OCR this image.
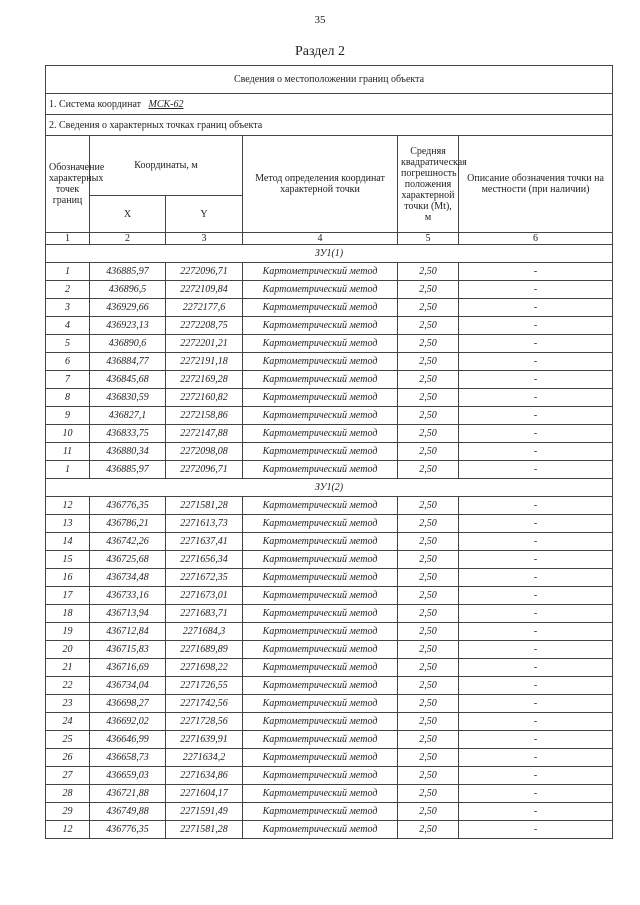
35
Раздел 2
Сведения о местоположении границ объекта					
1. Система координат МСК-62					
2. Сведения о характерных точках границ объекта					
Обозначение характерных точек границ	Координаты, м		Метод определения координат характерной точки	Средняя квадратическая погрешность положения характерной точки (Mt), м	Описание обозначения точки на местности (при наличии)
	X	Y			
1	2	3	4	5	6
ЗУ1(1)					
1	436885,97	2272096,71	Картометрический метод	2,50	-
2	436896,5	2272109,84	Картометрический метод	2,50	-
3	436929,66	2272177,6	Картометрический метод	2,50	-
4	436923,13	2272208,75	Картометрический метод	2,50	-
5	436890,6	2272201,21	Картометрический метод	2,50	-
6	436884,77	2272191,18	Картометрический метод	2,50	-
7	436845,68	2272169,28	Картометрический метод	2,50	-
8	436830,59	2272160,82	Картометрический метод	2,50	-
9	436827,1	2272158,86	Картометрический метод	2,50	-
10	436833,75	2272147,88	Картометрический метод	2,50	-
11	436880,34	2272098,08	Картометрический метод	2,50	-
1	436885,97	2272096,71	Картометрический метод	2,50	-
ЗУ1(2)					
12	436776,35	2271581,28	Картометрический метод	2,50	-
13	436786,21	2271613,73	Картометрический метод	2,50	-
14	436742,26	2271637,41	Картометрический метод	2,50	-
15	436725,68	2271656,34	Картометрический метод	2,50	-
16	436734,48	2271672,35	Картометрический метод	2,50	-
17	436733,16	2271673,01	Картометрический метод	2,50	-
18	436713,94	2271683,71	Картометрический метод	2,50	-
19	436712,84	2271684,3	Картометрический метод	2,50	-
20	436715,83	2271689,89	Картометрический метод	2,50	-
21	436716,69	2271698,22	Картометрический метод	2,50	-
22	436734,04	2271726,55	Картометрический метод	2,50	-
23	436698,27	2271742,56	Картометрический метод	2,50	-
24	436692,02	2271728,56	Картометрический метод	2,50	-
25	436646,99	2271639,91	Картометрический метод	2,50	-
26	436658,73	2271634,2	Картометрический метод	2,50	-
27	436659,03	2271634,86	Картометрический метод	2,50	-
28	436721,88	2271604,17	Картометрический метод	2,50	-
29	436749,88	2271591,49	Картометрический метод	2,50	-
12	436776,35	2271581,28	Картометрический метод	2,50	-
